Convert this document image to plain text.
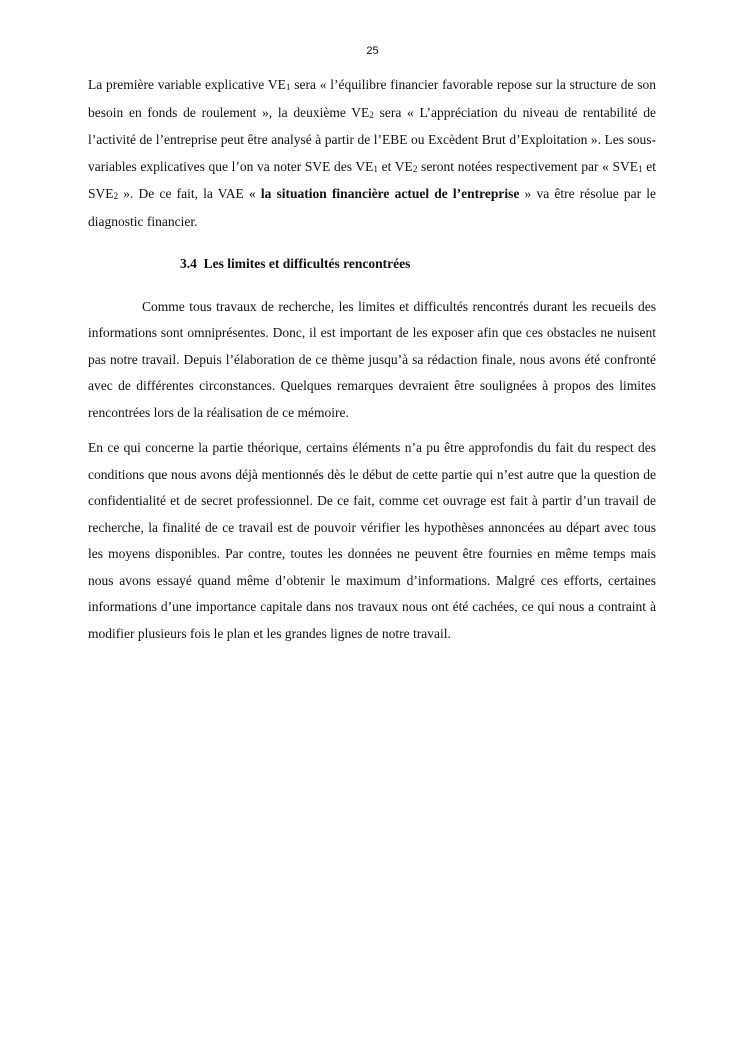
25

La première variable explicative $VE_1$ sera « l’équilibre financier favorable repose sur la structure de son besoin en fonds de roulement », la deuxième $VE_2$ sera « L’appréciation du niveau de rentabilité de l’activité de l’entreprise peut être analysé à partir de l’EBE ou Excèdent Brut d’Exploitation ». Les sous-variables explicatives que l’on va noter SVE des $VE_1$ et $VE_2$ seront notées respectivement par « $SVE_1$ et $SVE_2$ ». De ce fait, la VAE « la situation financière actuel de l’entreprise » va être résolue par le diagnostic financier.

3.4 Les limites et difficultés rencontrées

Comme tous travaux de recherche, les limites et difficultés rencontrés durant les recueils des informations sont omniprésentes. Donc, il est important de les exposer afin que ces obstacles ne nuisent pas notre travail. Depuis l’élaboration de ce thème jusqu’à sa rédaction finale, nous avons été confronté avec de différentes circonstances. Quelques remarques devraient être soulignées à propos des limites rencontrées lors de la réalisation de ce mémoire.

En ce qui concerne la partie théorique, certains éléments n’a pu être approfondis du fait du respect des conditions que nous avons déjà mentionnés dès le début de cette partie qui n’est autre que la question de confidentialité et de secret professionnel. De ce fait, comme cet ouvrage est fait à partir d’un travail de recherche, la finalité de ce travail est de pouvoir vérifier les hypothèses annoncées au départ avec tous les moyens disponibles. Par contre, toutes les données ne peuvent être fournies en même temps mais nous avons essayé quand même d’obtenir le maximum d’informations. Malgré ces efforts, certaines informations d’une importance capitale dans nos travaux nous ont été cachées, ce qui nous a contraint à modifier plusieurs fois le plan et les grandes lignes de notre travail.
